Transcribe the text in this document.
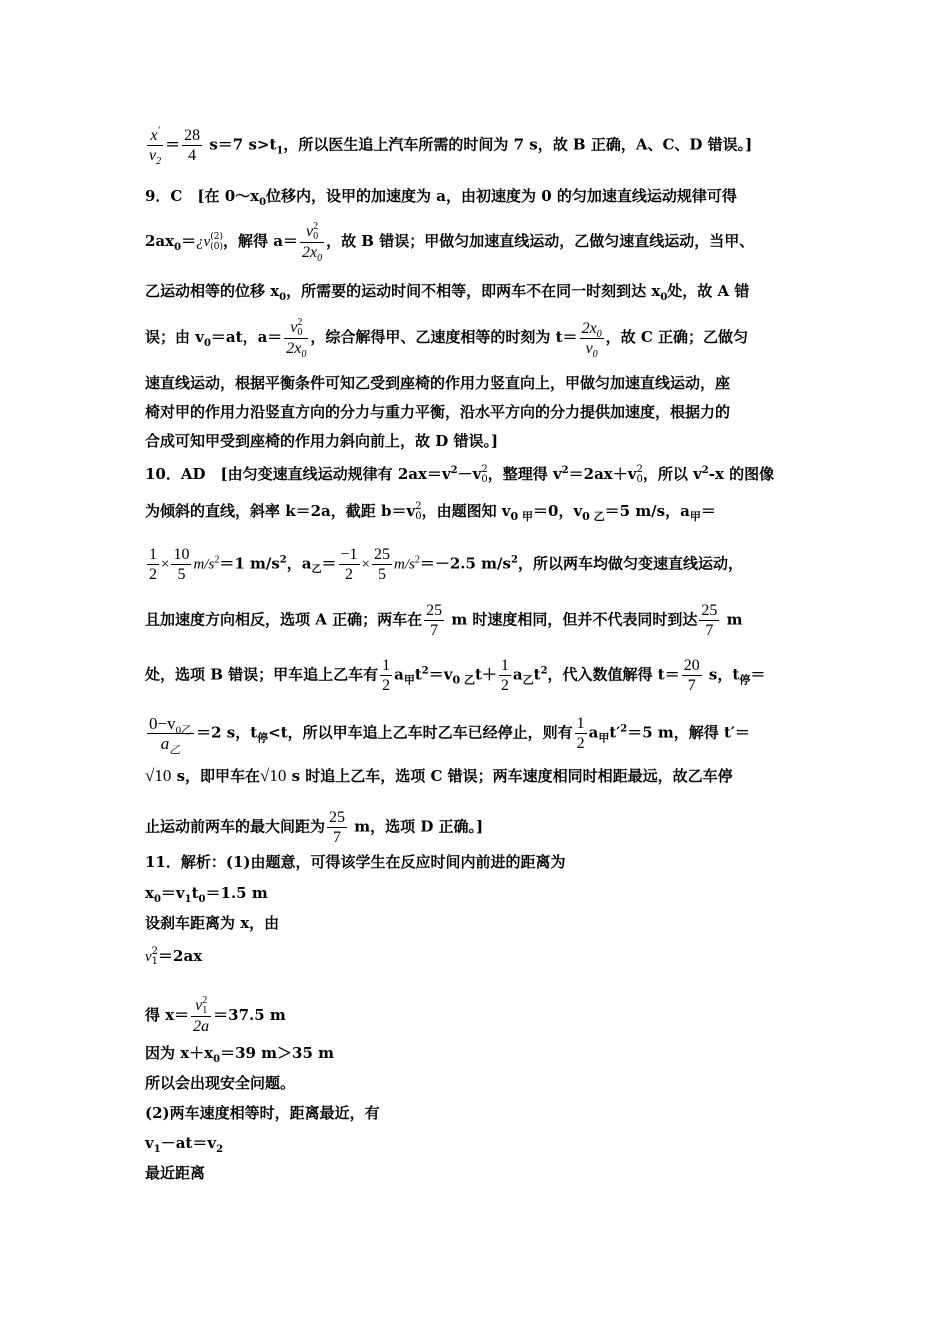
$\frac{x'}{v_2} = \frac{28}{4} s=7$ $s>t_1$，所以医生追上汽车所需的时间为 7 s，故 B 正确，A、C、D 错误。]
9．C　[在 $0\sim x_0$位移内，设甲的加速度为 a，由初速度为 0 的匀加速直线运动规律可得
$2ax_0=¿v$ (2)
(0) ，解得 a＝ v 2
0
$2x_0$ ，故 B 错误；甲做匀加速直线运动，乙做匀速直线运动，当甲、
乙运动相等的位移 $x_0$，所需要的运动时间不相等，即两车不在同一时刻到达 $x_0$处，故 A 错
误；由 $v_0=at$，a＝ v 2
0
$2x_0$ ，综合解得甲、乙速度相等的时刻为 $t= \frac{2x_0}{v_0}$ ，故 C 正确；乙做匀
速直线运动，根据平衡条件可知乙受到座椅的作用力竖直向上，甲做匀加速直线运动，座
椅对甲的作用力沿竖直方向的分力与重力平衡，沿水平方向的分力提供加速度，根据力的
合成可知甲受到座椅的作用力斜向前上，故 D 错误。]
10．AD　[由匀变速直线运动规律有 $2ax=v^2-v$ 2
0 ，整理得 $v^2=2ax+v$ 2
0 ，所以 $v^2-x$ 的图像
为倾斜的直线，斜率 k＝2a，截距 b＝v 2
0 ，由题图知 $v_{0 甲}=0$，$v_{0 乙}=5$ m/s，$a_甲=$
$\frac{1}{2} \times \frac{10}{5} m/s^2=1$ $m/s^2$，$a_乙= \frac{-1}{2} \times \frac{25}{5} m/s^2=-2.5$ $m/s^2$，所以两车均做匀变速直线运动，
且加速度方向相反，选项 A 正确；两车在 $\frac{25}{7}$ m 时速度相同，但并不代表同时到达 $\frac{25}{7}$ m
处，选项 B 错误；甲车追上乙车有 $\frac{1}{2} a_甲t^2=v_{0 乙}t+ \frac{1}{2} a_乙t^2$，代入数值解得 $t= \frac{20}{7}$ s，$t_停=$
$\frac{0-v_{0乙}}{a_乙} =2$ s，$t_停<t$，所以甲车追上乙车时乙车已经停止，则有 $\frac{1}{2} a_甲t'^2=5$ m，解得 t′＝
√10 s，即甲车在√10 s 时追上乙车，选项 C 错误；两车速度相同时相距最远，故乙车停
止运动前两车的最大间距为 $\frac{25}{7}$ m，选项 D 正确。]
11．解析：(1)由题意，可得该学生在反应时间内前进的距离为
$x_0=v_1t_0=1.5$ m
设刹车距离为 x，由
v 2
1 ＝2ax
得 x＝ v 2
1
2a ＝37.5 m
因为 $x+x_0=39$ m＞35 m
所以会出现安全问题。
(2)两车速度相等时，距离最近，有
$v_1-at=v_2$
最近距离
